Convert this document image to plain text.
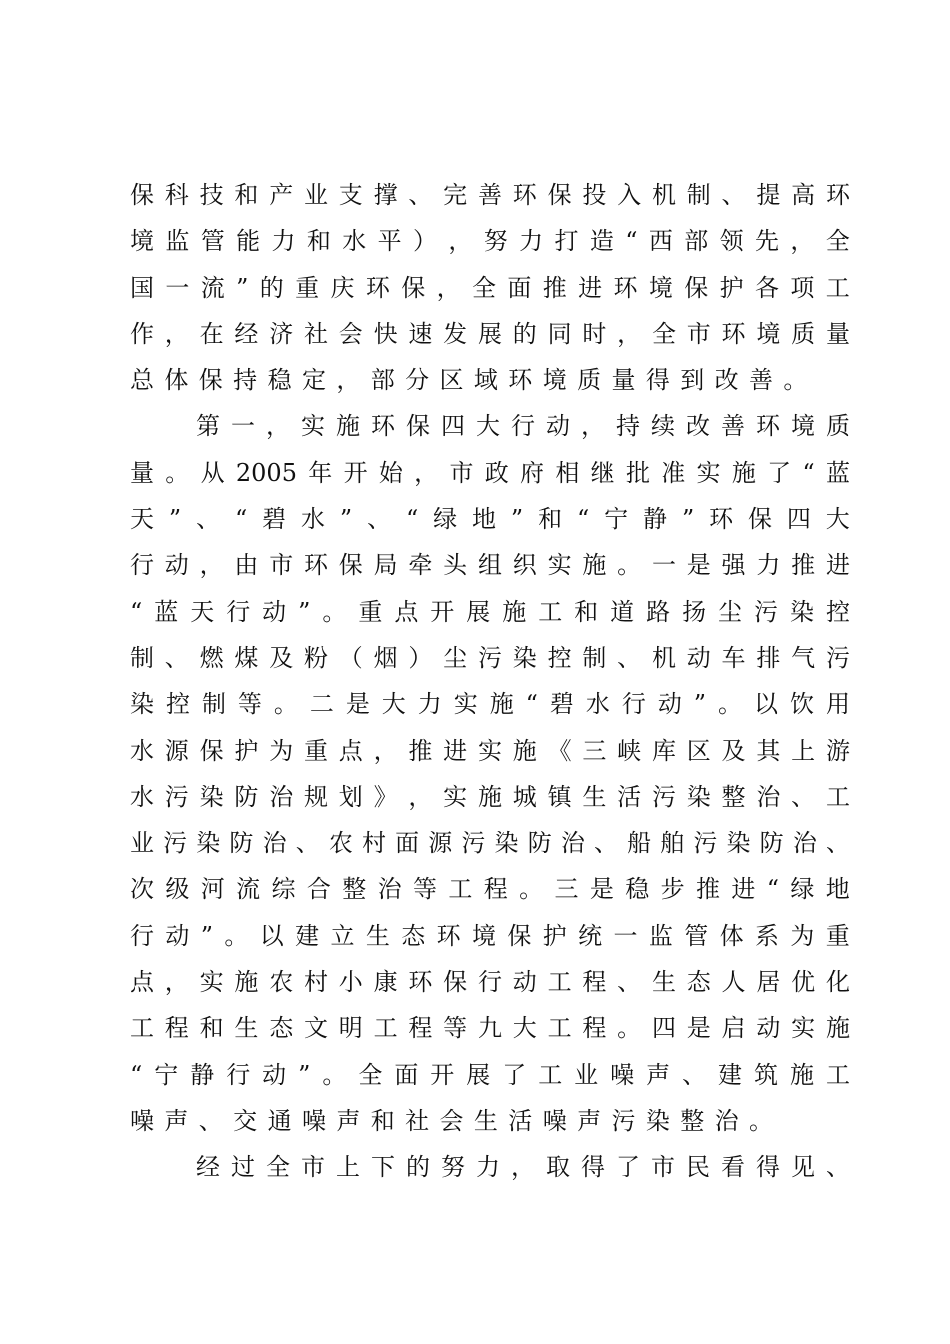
保 科 技 和 产 业 支 撑 、 完 善 环 保 投 入 机 制 、 提 高 环
境 监 管 能 力 和 水 平 ） ， 努 力 打 造 “ 西 部 领 先 ， 全
国 一 流 ” 的 重 庆 环 保 ， 全 面 推 进 环 境 保 护 各 项 工
作 ， 在 经 济 社 会 快 速 发 展 的 同 时 ， 全 市 环 境 质 量
总 体 保 持 稳 定 ， 部 分 区 域 环 境 质 量 得 到 改 善 。
第 一 ， 实 施 环 保 四 大 行 动 ， 持 续 改 善 环 境 质
量 。 从 2005 年 开 始 ， 市 政 府 相 继 批 准 实 施 了 “ 蓝
天 ” 、 “ 碧 水 ” 、 “ 绿 地 ” 和 “ 宁 静 ” 环 保 四 大
行 动 ， 由 市 环 保 局 牵 头 组 织 实 施 。 一 是 强 力 推 进
“ 蓝 天 行 动 ” 。 重 点 开 展 施 工 和 道 路 扬 尘 污 染 控
制 、 燃 煤 及 粉 （ 烟 ） 尘 污 染 控 制 、 机 动 车 排 气 污
染 控 制 等 。 二 是 大 力 实 施 “ 碧 水 行 动 ” 。 以 饮 用
水 源 保 护 为 重 点 ， 推 进 实 施 《 三 峡 库 区 及 其 上 游
水 污 染 防 治 规 划 》 ， 实 施 城 镇 生 活 污 染 整 治 、 工
业 污 染 防 治 、 农 村 面 源 污 染 防 治 、 船 舶 污 染 防 治 、
次 级 河 流 综 合 整 治 等 工 程 。 三 是 稳 步 推 进 “ 绿 地
行 动 ” 。 以 建 立 生 态 环 境 保 护 统 一 监 管 体 系 为 重
点 ， 实 施 农 村 小 康 环 保 行 动 工 程 、 生 态 人 居 优 化
工 程 和 生 态 文 明 工 程 等 九 大 工 程 。 四 是 启 动 实 施
“ 宁 静 行 动 ” 。 全 面 开 展 了 工 业 噪 声 、 建 筑 施 工
噪 声 、 交 通 噪 声 和 社 会 生 活 噪 声 污 染 整 治 。
经 过 全 市 上 下 的 努 力 ， 取 得 了 市 民 看 得 见 、
